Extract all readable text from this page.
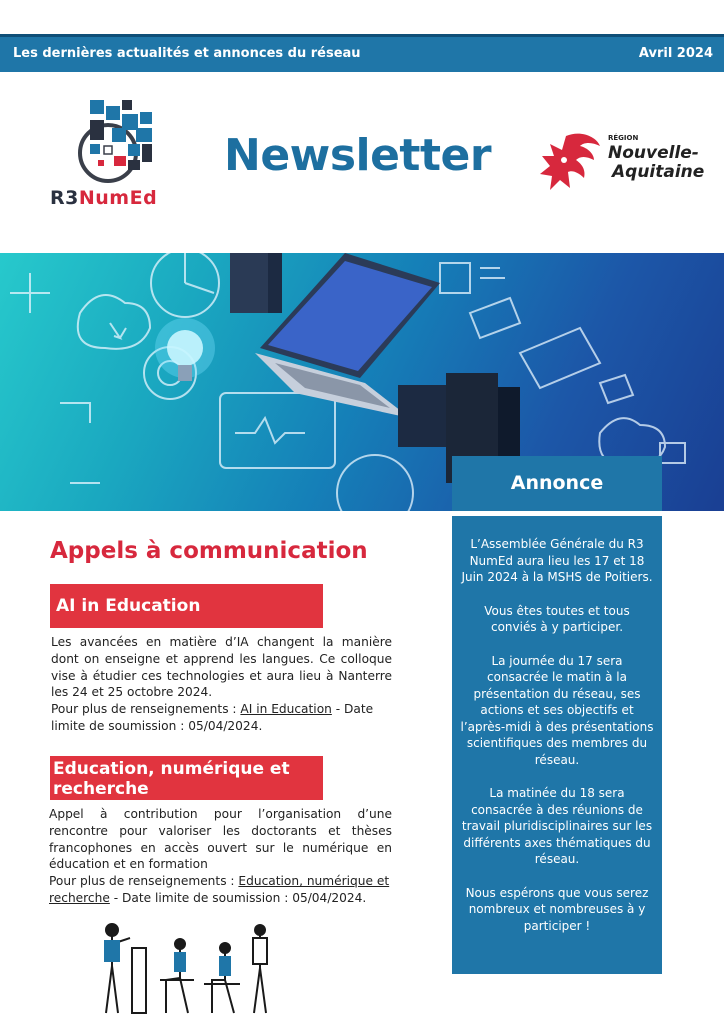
Les dernières actualités et annonces du réseau	Avril 2024
R3NumEd
Newsletter	RÉGION
Nouvelle-
Aquitaine
Annonce

L’Assemblée Générale du R3 NumEd aura lieu les 17 et 18 Juin 2024 à la MSHS de Poitiers.

Vous êtes toutes et tous conviés à y participer.

La journée du 17 sera consacrée le matin à la présentation du réseau, ses actions et ses objectifs et l’après-midi à des présentations scientifiques des membres du réseau.

La matinée du 18 sera consacrée à des réunions de travail pluridisciplinaires sur les différents axes thématiques du réseau.

Nous espérons que vous serez nombreux et nombreuses à y participer !

Appels à communication
AI in Education
Les avancées en matière d’IA changent la manière dont on enseigne et apprend les langues. Ce colloque vise à étudier ces technologies et aura lieu à Nanterre les 24 et 25 octobre 2024.
Pour plus de renseignements : AI in Education - Date limite de soumission : 05/04/2024.
Education, numérique et
recherche
Appel à contribution pour l’organisation d’une rencontre pour valoriser les doctorants et thèses francophones en accès ouvert sur le numérique en éducation et en formation
Pour plus de renseignements : Education, numérique et recherche - Date limite de soumission : 05/04/2024.
